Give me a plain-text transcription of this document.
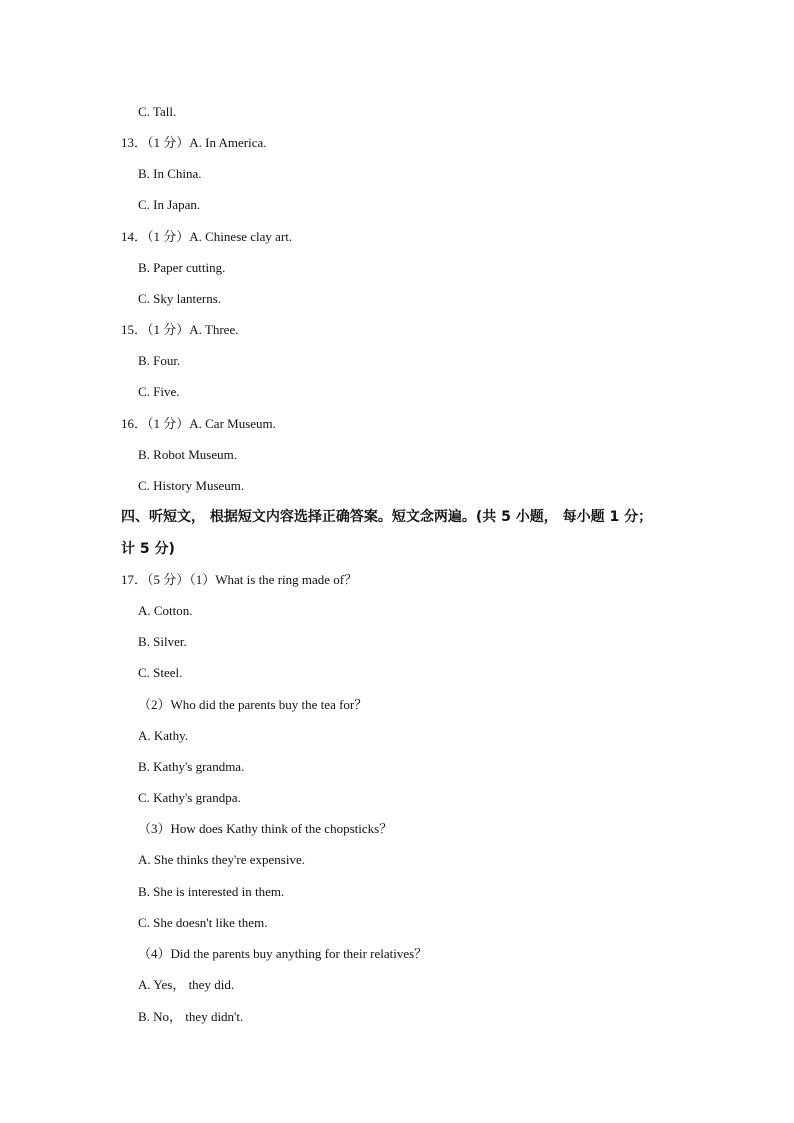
C. Tall.
13．（1 分）A. In America.
B. In China.
C. In Japan.
14．（1 分）A. Chinese clay art.
B. Paper cutting.
C. Sky lanterns.
15．（1 分）A. Three.
B. Four.
C. Five.
16．（1 分）A. Car Museum.
B. Robot Museum.
C. History Museum.
四、听短文， 根据短文内容选择正确答案。短文念两遍。(共 5 小题， 每小题 1 分；
计 5 分)
17．（5 分）（1）What is the ring made of？
A. Cotton.
B. Silver.
C. Steel.
（2）Who did the parents buy the tea for？
A. Kathy.
B. Kathy's grandma.
C. Kathy's grandpa.
（3）How does Kathy think of the chopsticks？
A. She thinks they're expensive.
B. She is interested in them.
C. She doesn't like them.
（4）Did the parents buy anything for their relatives？
A. Yes， they did.
B. No， they didn't.
